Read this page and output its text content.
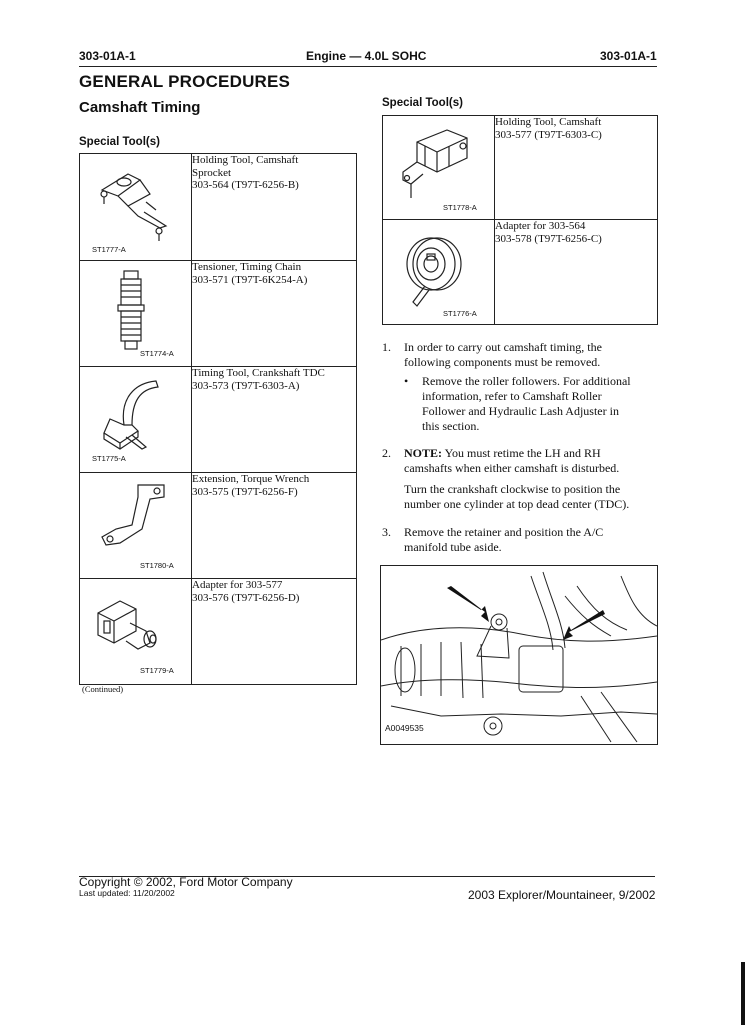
303-01A-1	Engine — 4.0L SOHC	303-01A-1
GENERAL PROCEDURES
Camshaft Timing
Special Tool(s)
ST1777-A	Holding Tool, Camshaft
Sprocket
303-564 (T97T-6256-B)

ST1774-A	Tensioner, Timing Chain
303-571 (T97T-6K254-A)

ST1775-A	Timing Tool, Crankshaft TDC
303-573 (T97T-6303-A)

ST1780-A	Extension, Torque Wrench
303-575 (T97T-6256-F)

ST1779-A	Adapter for 303-577
303-576 (T97T-6256-D)
(Continued)
Special Tool(s)
ST1778-A	Holding Tool, Camshaft
303-577 (T97T-6303-C)

ST1776-A	Adapter for 303-564
303-578 (T97T-6256-C)
1. In order to carry out camshaft timing, the
following components must be removed.
• Remove the roller followers. For additional
information, refer to Camshaft Roller
Follower and Hydraulic Lash Adjuster in
this section.
2. NOTE: You must retime the LH and RH
camshafts when either camshaft is disturbed.
Turn the crankshaft clockwise to position the
number one cylinder at top dead center (TDC).
3. Remove the retainer and position the A/C
manifold tube aside.
A0049535
Copyright © 2002, Ford Motor Company
Last updated: 11/20/2002	2003 Explorer/Mountaineer, 9/2002
